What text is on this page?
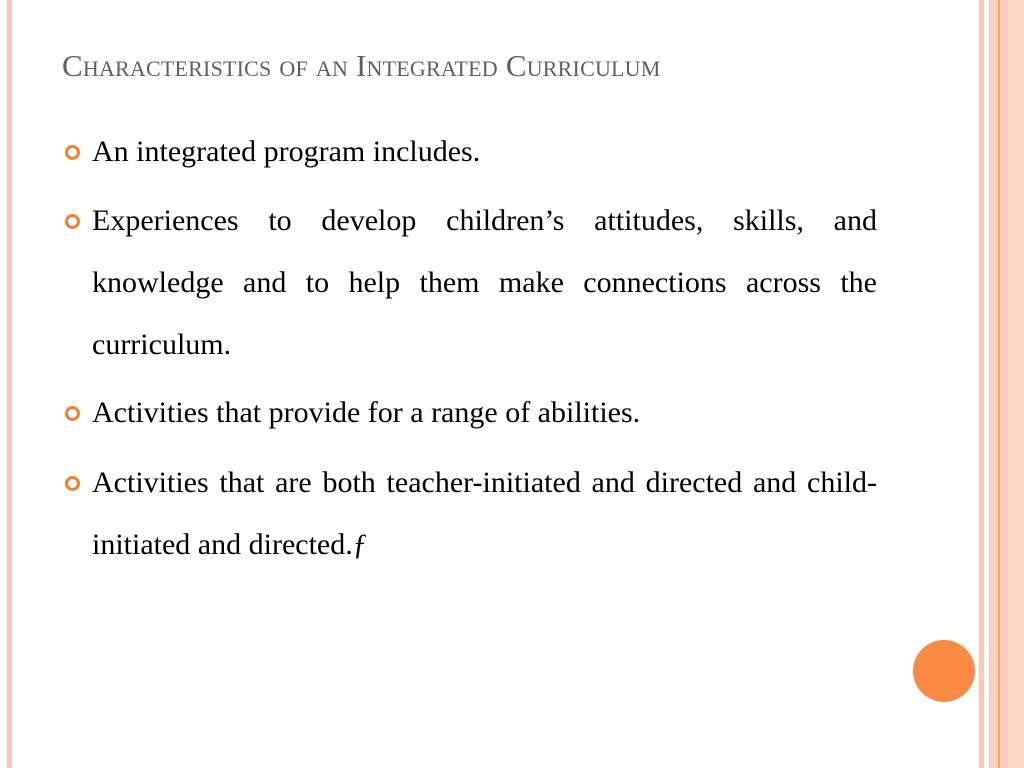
Characteristics of an Integrated Curriculum
An integrated program includes.
Experiences to develop children’s attitudes, skills, and knowledge and to help them make connections across the curriculum.
Activities that provide for a range of abilities.
Activities that are both teacher-initiated and directed and child-initiated and directed.ƒ
